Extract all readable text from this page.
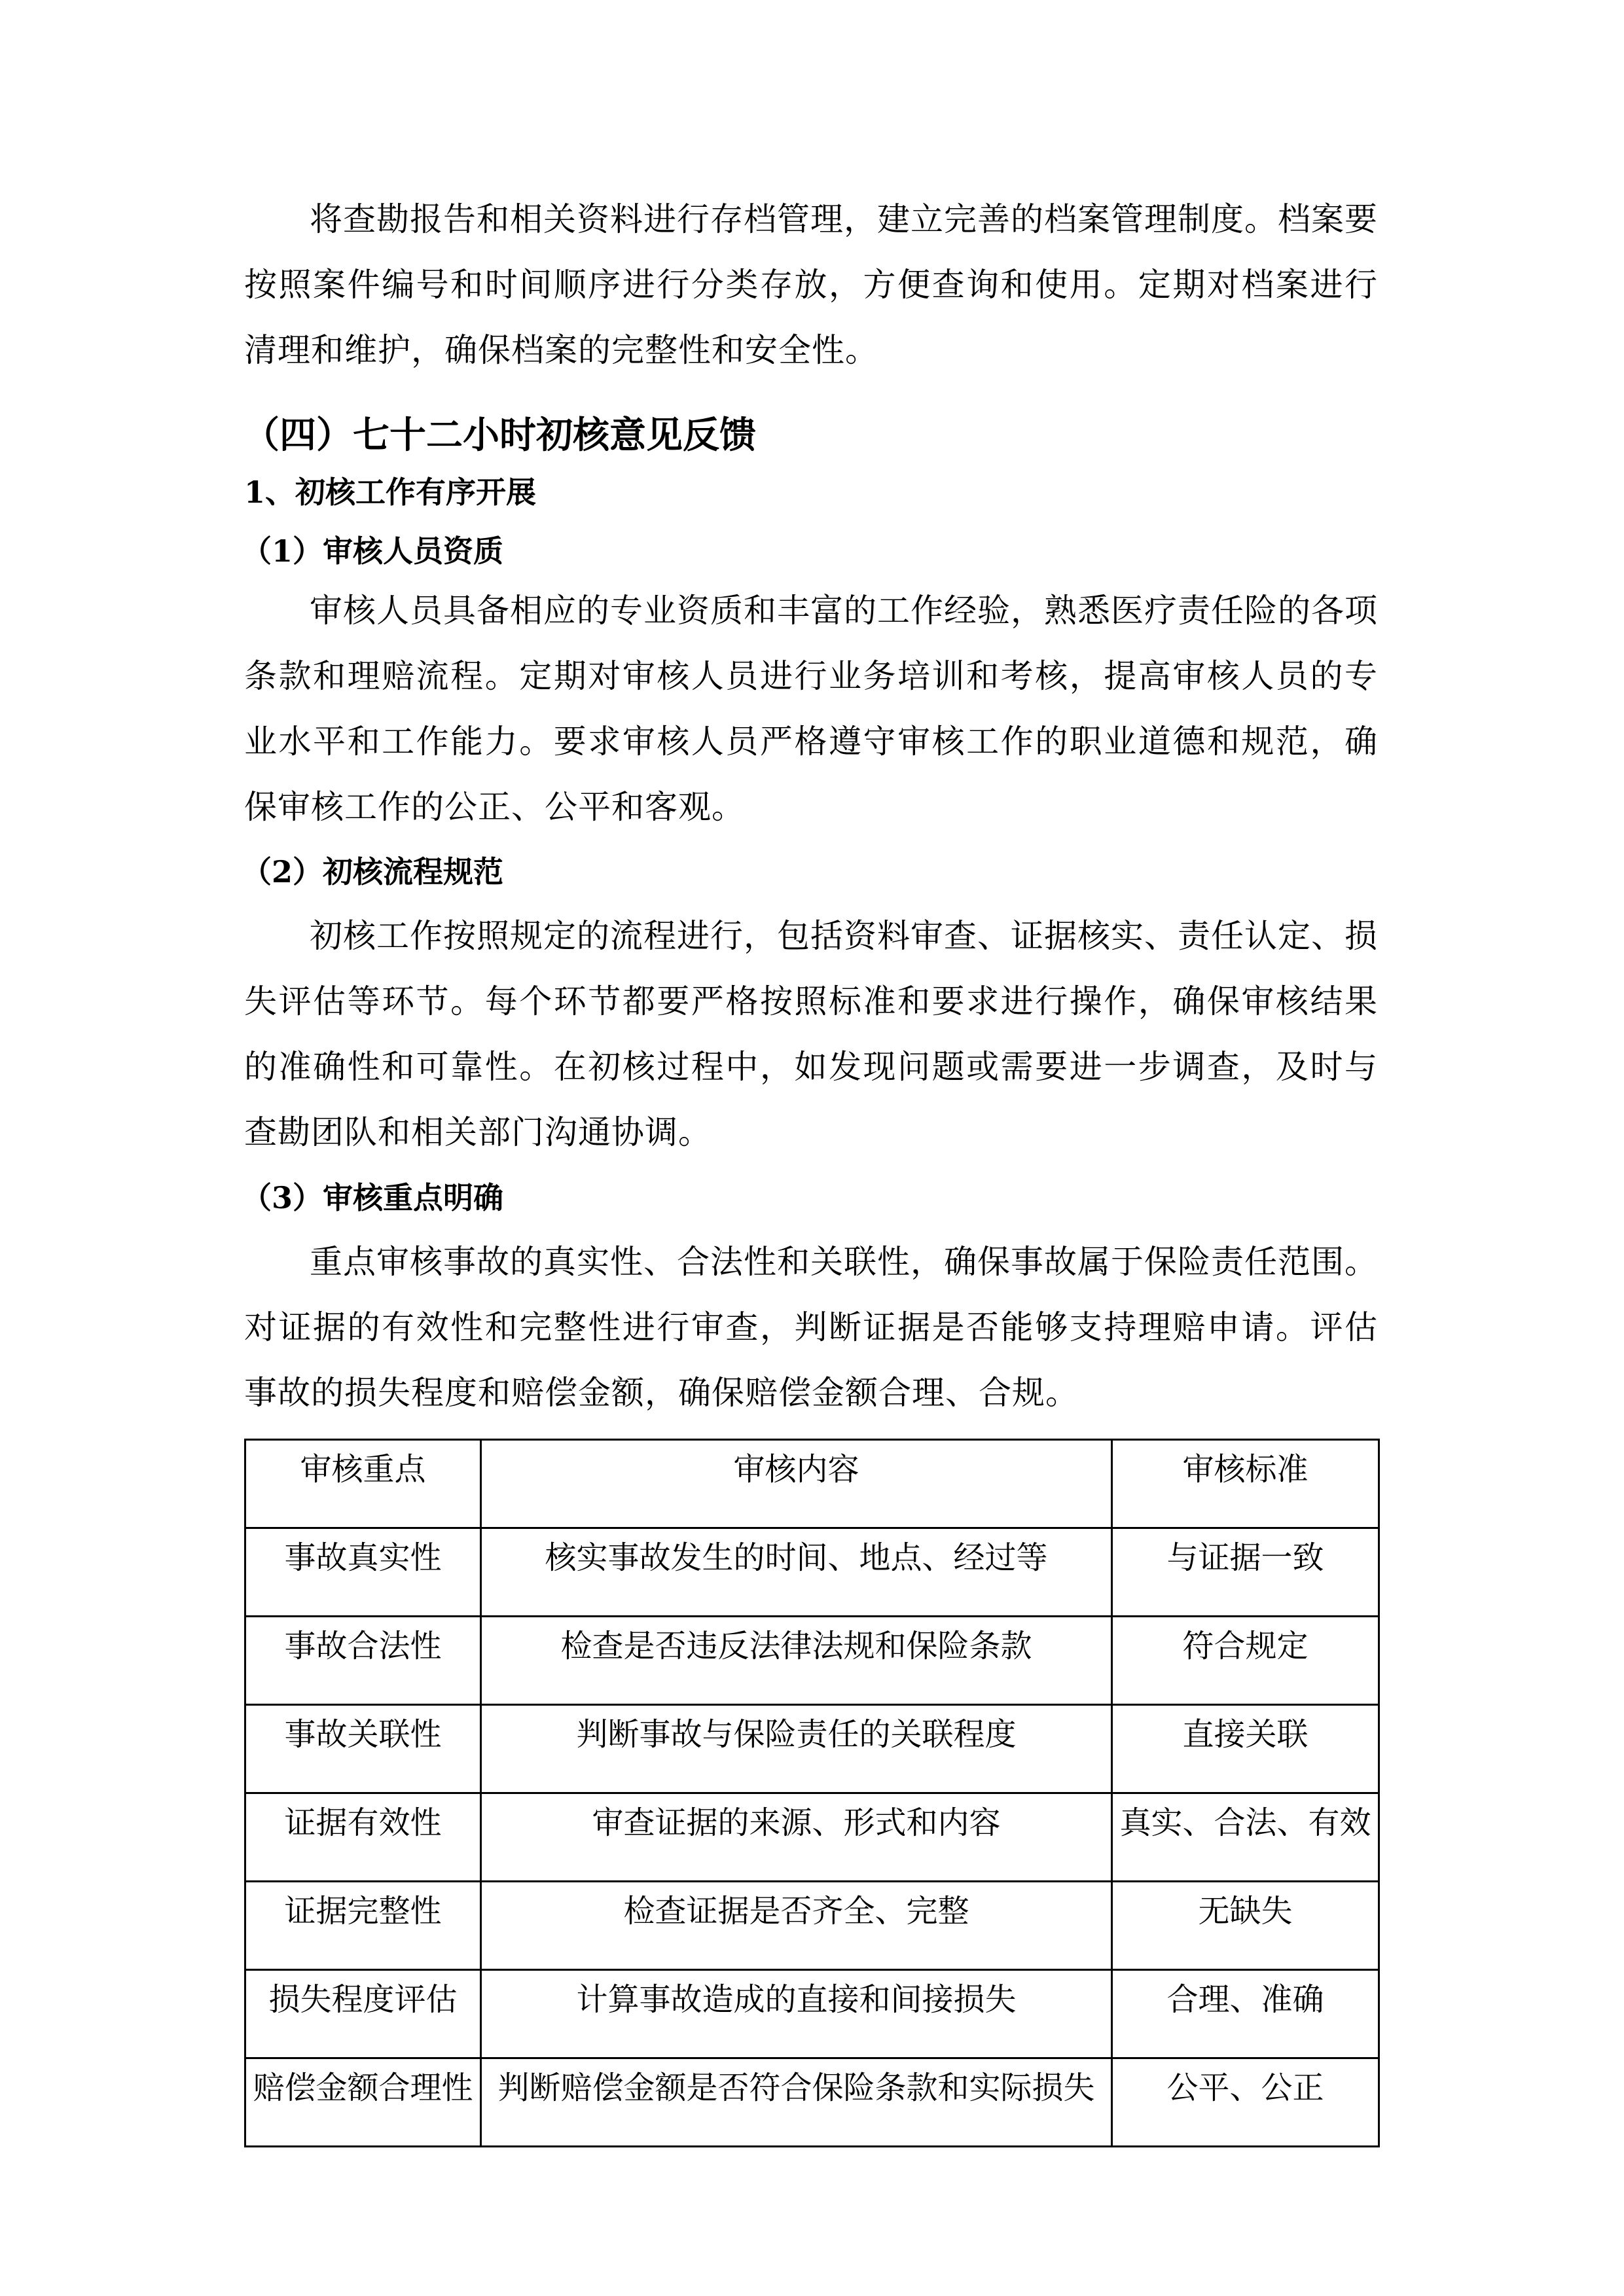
将查勘报告和相关资料进行存档管理，建立完善的档案管理制度。档案要按照案件编号和时间顺序进行分类存放，方便查询和使用。定期对档案进行清理和维护，确保档案的完整性和安全性。

（四）七十二小时初核意见反馈
1、初核工作有序开展
（1）审核人员资质

审核人员具备相应的专业资质和丰富的工作经验，熟悉医疗责任险的各项条款和理赔流程。定期对审核人员进行业务培训和考核，提高审核人员的专业水平和工作能力。要求审核人员严格遵守审核工作的职业道德和规范，确保审核工作的公正、公平和客观。

（2）初核流程规范

初核工作按照规定的流程进行，包括资料审查、证据核实、责任认定、损失评估等环节。每个环节都要严格按照标准和要求进行操作，确保审核结果的准确性和可靠性。在初核过程中，如发现问题或需要进一步调查，及时与查勘团队和相关部门沟通协调。

（3）审核重点明确

重点审核事故的真实性、合法性和关联性，确保事故属于保险责任范围。对证据的有效性和完整性进行审查，判断证据是否能够支持理赔申请。评估事故的损失程度和赔偿金额，确保赔偿金额合理、合规。

审核重点	审核内容	审核标准
事故真实性	核实事故发生的时间、地点、经过等	与证据一致
事故合法性	检查是否违反法律法规和保险条款	符合规定
事故关联性	判断事故与保险责任的关联程度	直接关联
证据有效性	审查证据的来源、形式和内容	真实、合法、有效
证据完整性	检查证据是否齐全、完整	无缺失
损失程度评估	计算事故造成的直接和间接损失	合理、准确
赔偿金额合理性	判断赔偿金额是否符合保险条款和实际损失	公平、公正
